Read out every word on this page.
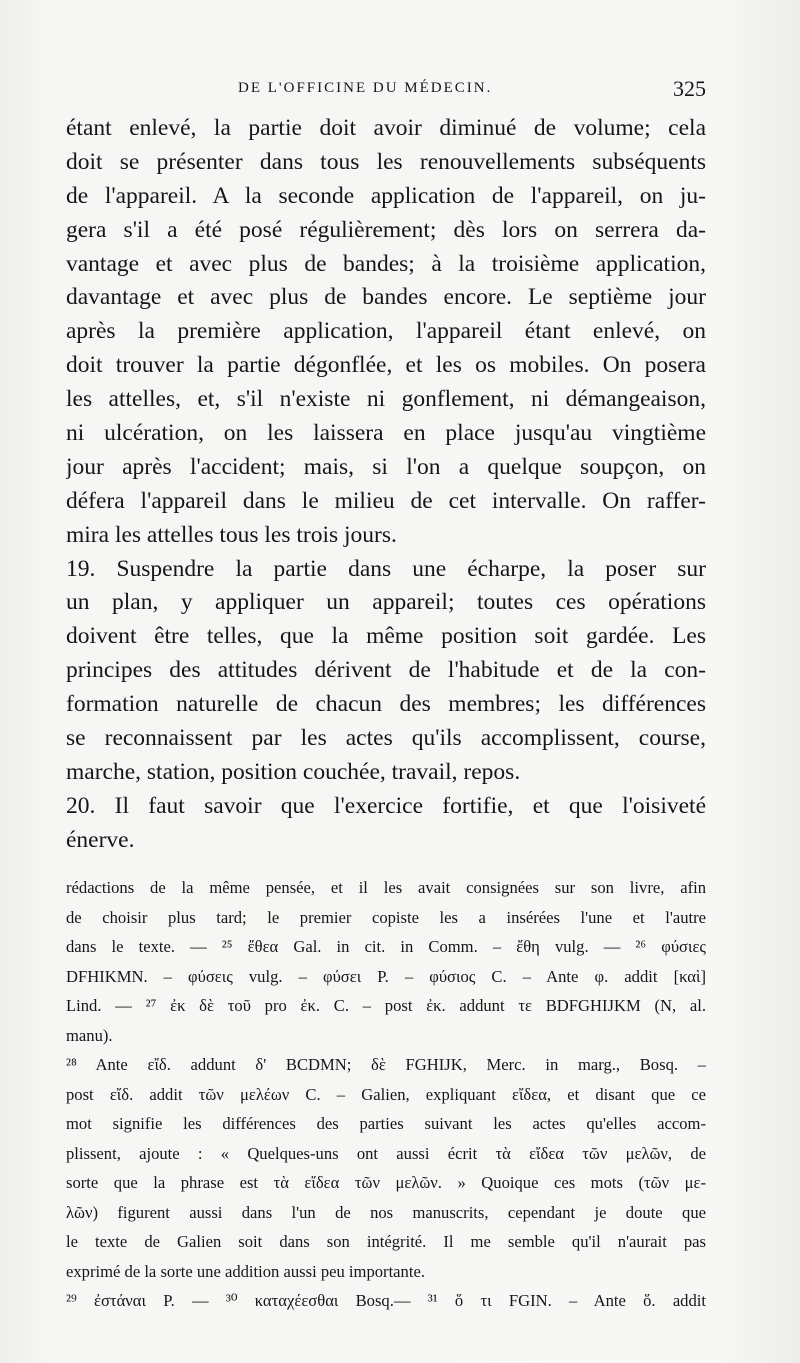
DE L'OFFICINE DU MÉDECIN.	325
étant enlevé, la partie doit avoir diminué de volume; cela
doit se présenter dans tous les renouvellements subséquents
de l'appareil. A la seconde application de l'appareil, on ju-
gera s'il a été posé régulièrement; dès lors on serrera da-
vantage et avec plus de bandes; à la troisième application,
davantage et avec plus de bandes encore. Le septième jour
après la première application, l'appareil étant enlevé, on
doit trouver la partie dégonflée, et les os mobiles. On posera
les attelles, et, s'il n'existe ni gonflement, ni démangeaison,
ni ulcération, on les laissera en place jusqu'au vingtième
jour après l'accident; mais, si l'on a quelque soupçon, on
défera l'appareil dans le milieu de cet intervalle. On raffer-
mira les attelles tous les trois jours.
19. Suspendre la partie dans une écharpe, la poser sur
un plan, y appliquer un appareil; toutes ces opérations
doivent être telles, que la même position soit gardée. Les
principes des attitudes dérivent de l'habitude et de la con-
formation naturelle de chacun des membres; les différences
se reconnaissent par les actes qu'ils accomplissent, course,
marche, station, position couchée, travail, repos.
20. Il faut savoir que l'exercice fortifie, et que l'oisiveté
énerve.
rédactions de la même pensée, et il les avait consignées sur son livre, afin
de choisir plus tard; le premier copiste les a insérées l'une et l'autre
dans le texte. — ²⁵ ἔθεα Gal. in cit. in Comm. – ἔθη vulg. — ²⁶ φύσιες
DFHIKMN. – φύσεις vulg. – φύσει P. – φύσιος C. – Ante φ. addit [καὶ]
Lind. — ²⁷ ἐκ δὲ τοῦ pro ἐκ. C. – post ἐκ. addunt τε BDFGHIJKM (N, al.
manu).
²⁸ Ante εἴδ. addunt δ' BCDMN; δὲ FGHIJK, Merc. in marg., Bosq. –
post εἴδ. addit τῶν μελέων C. – Galien, expliquant εἴδεα, et disant que ce
mot signifie les différences des parties suivant les actes qu'elles accom-
plissent, ajoute : « Quelques-uns ont aussi écrit τὰ εἴδεα τῶν μελῶν, de
sorte que la phrase est τὰ εἴδεα τῶν μελῶν. » Quoique ces mots (τῶν με-
λῶν) figurent aussi dans l'un de nos manuscrits, cependant je doute que
le texte de Galien soit dans son intégrité. Il me semble qu'il n'aurait pas
exprimé de la sorte une addition aussi peu importante.
²⁹ ἐστάναι P. — ³⁰ καταχέεσθαι Bosq.— ³¹ ὅ τι FGIN. – Ante ὅ. addit
